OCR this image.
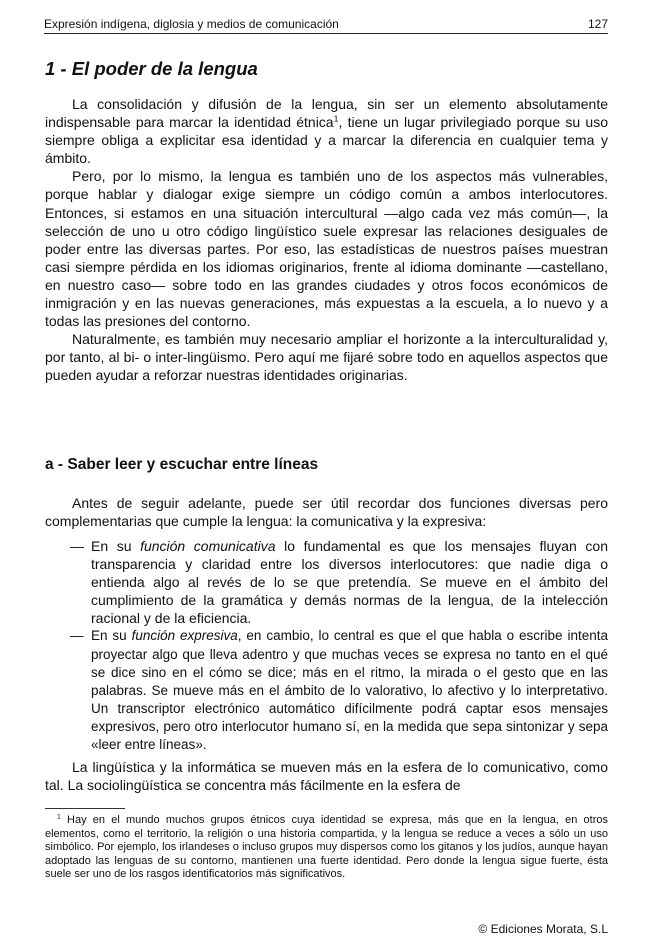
Expresión indígena, diglosia y medios de comunicación	127
1 - El poder de la lengua

La consolidación y difusión de la lengua, sin ser un elemento absolutamente indispensable para marcar la identidad étnica$^1$, tiene un lugar privilegiado porque su uso siempre obliga a explicitar esa identidad y a marcar la diferencia en cualquier tema y ámbito.

Pero, por lo mismo, la lengua es también uno de los aspectos más vulnerables, porque hablar y dialogar exige siempre un código común a ambos interlocutores. Entonces, si estamos en una situación intercultural —algo cada vez más común—, la selección de uno u otro código lingüístico suele expresar las relaciones desiguales de poder entre las diversas partes. Por eso, las estadísticas de nuestros países muestran casi siempre pérdida en los idiomas originarios, frente al idioma dominante —castellano, en nuestro caso— sobre todo en las grandes ciudades y otros focos económicos de inmigración y en las nuevas generaciones, más expuestas a la escuela, a lo nuevo y a todas las presiones del contorno.

Naturalmente, es también muy necesario ampliar el horizonte a la interculturalidad y, por tanto, al bi- o inter-lingüismo. Pero aquí me fijaré sobre todo en aquellos aspectos que pueden ayudar a reforzar nuestras identidades originarias.

a - Saber leer y escuchar entre líneas

Antes de seguir adelante, puede ser útil recordar dos funciones diversas pero complementarias que cumple la lengua: la comunicativa y la expresiva:

— En su función comunicativa lo fundamental es que los mensajes fluyan con transparencia y claridad entre los diversos interlocutores: que nadie diga o entienda algo al revés de lo se que pretendía. Se mueve en el ámbito del cumplimiento de la gramática y demás normas de la lengua, de la intelección racional y de la eficiencia.
— En su función expresiva, en cambio, lo central es que el que habla o escribe intenta proyectar algo que lleva adentro y que muchas veces se expresa no tanto en el qué se dice sino en el cómo se dice; más en el ritmo, la mirada o el gesto que en las palabras. Se mueve más en el ámbito de lo valorativo, lo afectivo y lo interpretativo. Un transcriptor electrónico automático difícilmente podrá captar esos mensajes expresivos, pero otro interlocutor humano sí, en la medida que sepa sintonizar y sepa «leer entre líneas».

La lingüística y la informática se mueven más en la esfera de lo comunicativo, como tal. La sociolingüística se concentra más fácilmente en la esfera de

$^1$ Hay en el mundo muchos grupos étnicos cuya identidad se expresa, más que en la lengua, en otros elementos, como el territorio, la religión o una historia compartida, y la lengua se reduce a veces a sólo un uso simbólico. Por ejemplo, los irlandeses o incluso grupos muy dispersos como los gitanos y los judíos, aunque hayan adoptado las lenguas de su contorno, mantienen una fuerte identidad. Pero donde la lengua sigue fuerte, ésta suele ser uno de los rasgos identificatorios más significativos.

© Ediciones Morata, S.L
